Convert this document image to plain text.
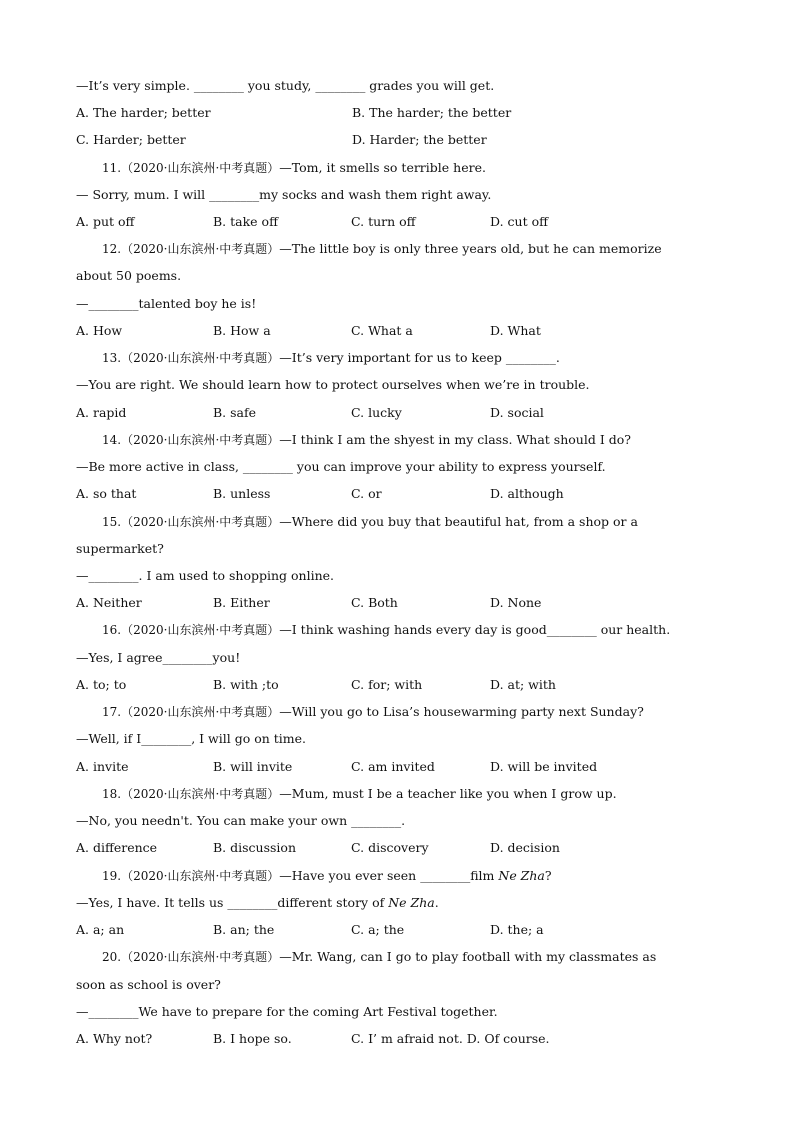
—It’s very simple. ________ you study, ________ grades you will get.
A. The harder; better	B. The harder; the better
C. Harder; better	D. Harder; the better
11.（2020·山东滨州·中考真题）—Tom, it smells so terrible here.
— Sorry, mum. I will ________my socks and wash them right away.
A. put off	B. take off	C. turn off	D. cut off
12.（2020·山东滨州·中考真题）—The little boy is only three years old, but he can memorize
about 50 poems.
—________talented boy he is!
A. How	B. How a	C. What a	D. What
13.（2020·山东滨州·中考真题）—It’s very important for us to keep ________.
—You are right. We should learn how to protect ourselves when we’re in trouble.
A. rapid	B. safe	C. lucky	D. social
14.（2020·山东滨州·中考真题）—I think I am the shyest in my class. What should I do?
—Be more active in class, ________ you can improve your ability to express yourself.
A. so that	B. unless	C. or	D. although
15.（2020·山东滨州·中考真题）—Where did you buy that beautiful hat, from a shop or a
supermarket?
—________. I am used to shopping online.
A. Neither	B. Either	C. Both	D. None
16.（2020·山东滨州·中考真题）—I think washing hands every day is good________ our health.
—Yes, I agree________you!
A. to; to	B. with ;to	C. for; with	D. at; with
17.（2020·山东滨州·中考真题）—Will you go to Lisa’s housewarming party next Sunday?
—Well, if I________, I will go on time.
A. invite	B. will invite	C. am invited	D. will be invited
18.（2020·山东滨州·中考真题）—Mum, must I be a teacher like you when I grow up.
—No, you needn't. You can make your own ________.
A. difference	B. discussion	C. discovery	D. decision
19.（2020·山东滨州·中考真题）—Have you ever seen ________film Ne Zha?
—Yes, I have. It tells us ________different story of Ne Zha.
A. a; an	B. an; the	C. a; the	D. the; a
20.（2020·山东滨州·中考真题）—Mr. Wang, can I go to play football with my classmates as
soon as school is over?
—________We have to prepare for the coming Art Festival together.
A. Why not?	B. I hope so.	C. I’ m afraid not. D. Of course.
